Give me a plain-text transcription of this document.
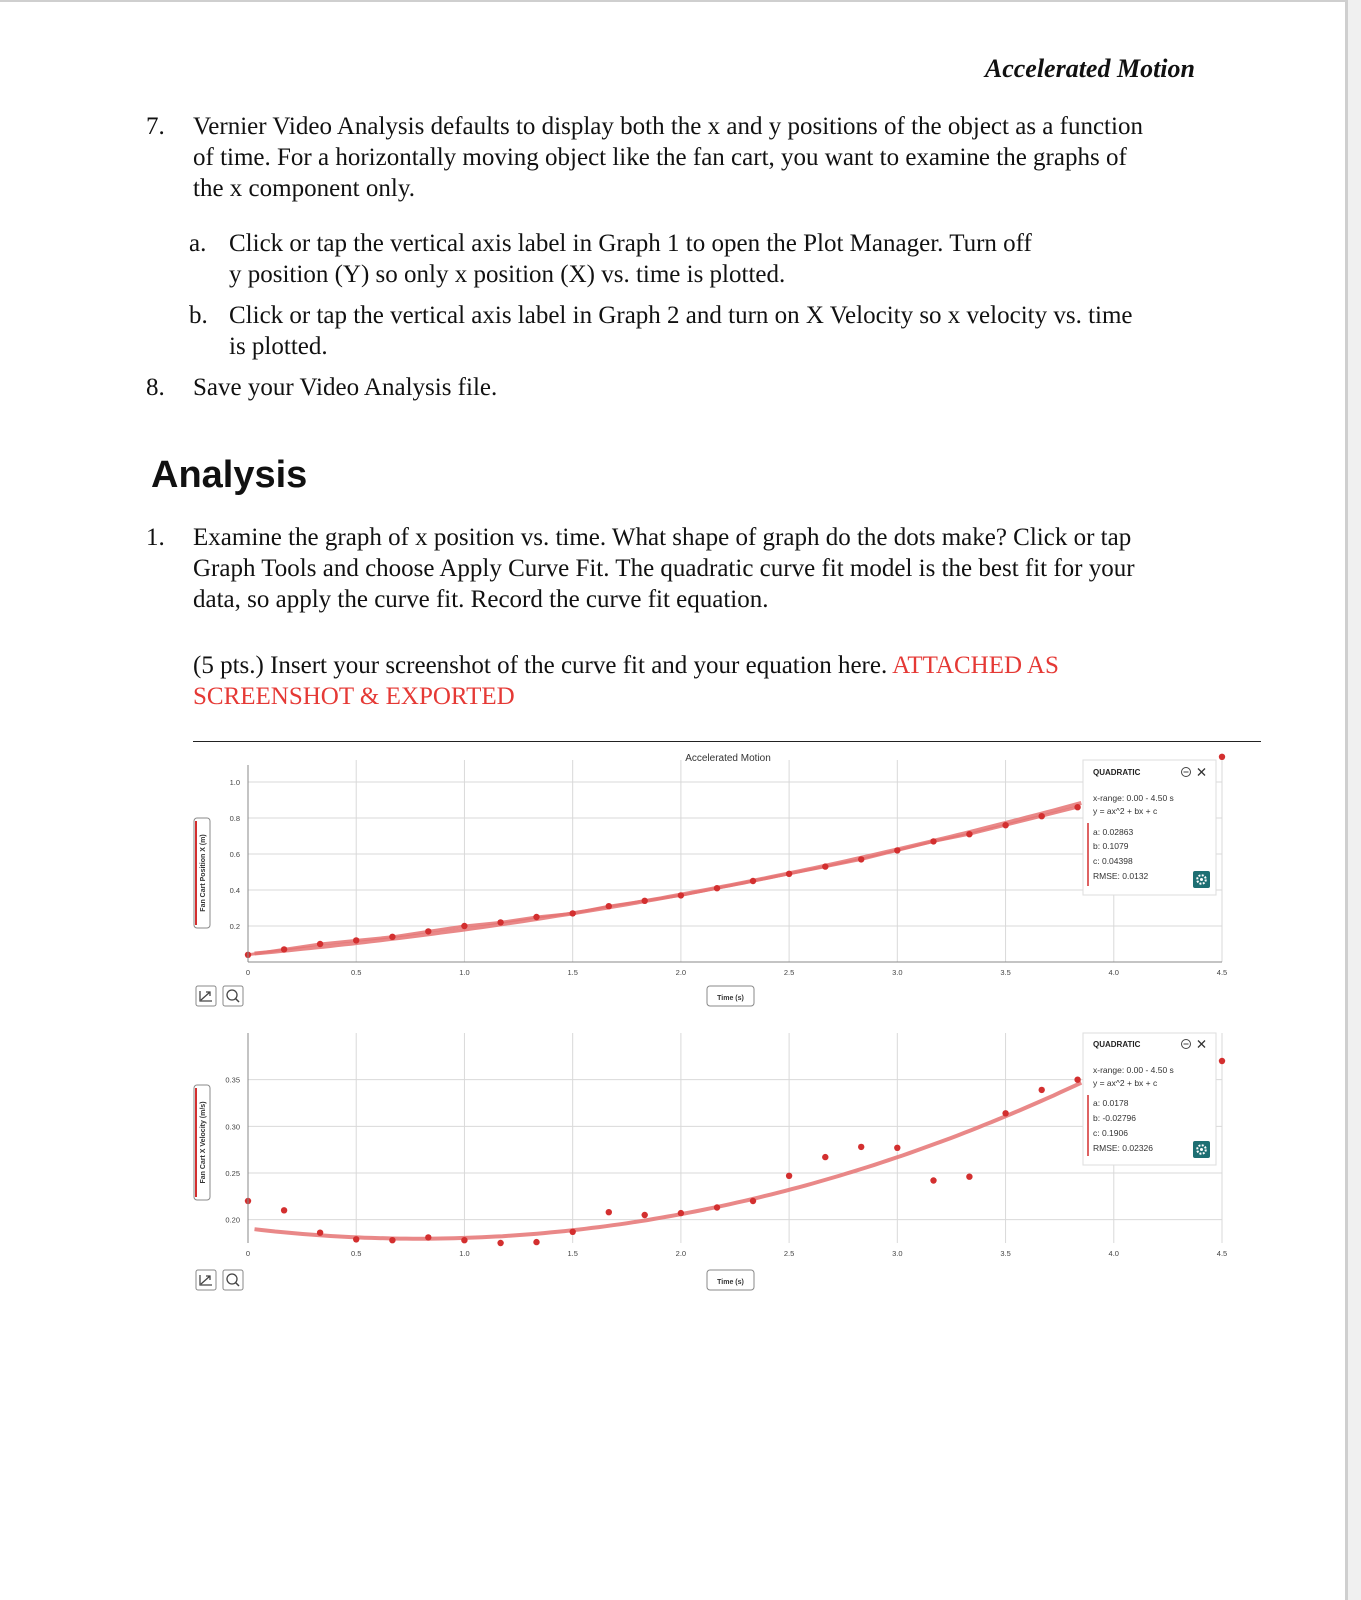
Accelerated Motion
7. Vernier Video Analysis defaults to display both the x and y positions of the object as a function
of time. For a horizontally moving object like the fan cart, you want to examine the graphs of
the x component only.
a. Click or tap the vertical axis label in Graph 1 to open the Plot Manager. Turn off
y position (Y) so only x position (X) vs. time is plotted.
b. Click or tap the vertical axis label in Graph 2 and turn on X Velocity so x velocity vs. time
is plotted.
8. Save your Video Analysis file.
Analysis
1. Examine the graph of x position vs. time. What shape of graph do the dots make? Click or tap
Graph Tools and choose Apply Curve Fit. The quadratic curve fit model is the best fit for your
data, so apply the curve fit. Record the curve fit equation.
(5 pts.) Insert your screenshot of the curve fit and your equation here. ATTACHED AS SCREENSHOT & EXPORTED
Accelerated Motion
0.5	1.0	1.5	2.0	2.5	3.0	3.5	4.0	4.5
0
0.2
0.4
0.6
0.8
1.0
Fan Cart Position X (m)
Time (s)
QUADRATIC
x-range: 0.00 - 4.50 s
y = ax^2 + bx + c
a: 0.02863
b: 0.1079
c: 0.04398
RMSE: 0.0132
0	0.5	1.0	1.5	2.0	2.5	3.0	3.5	4.0	4.5
0.20
0.25
0.30
0.35
Fan Cart X Velocity (m/s)
Time (s)
QUADRATIC
x-range: 0.00 - 4.50 s
y = ax^2 + bx + c
a: 0.0178
b: -0.02796
c: 0.1906
RMSE: 0.02326
